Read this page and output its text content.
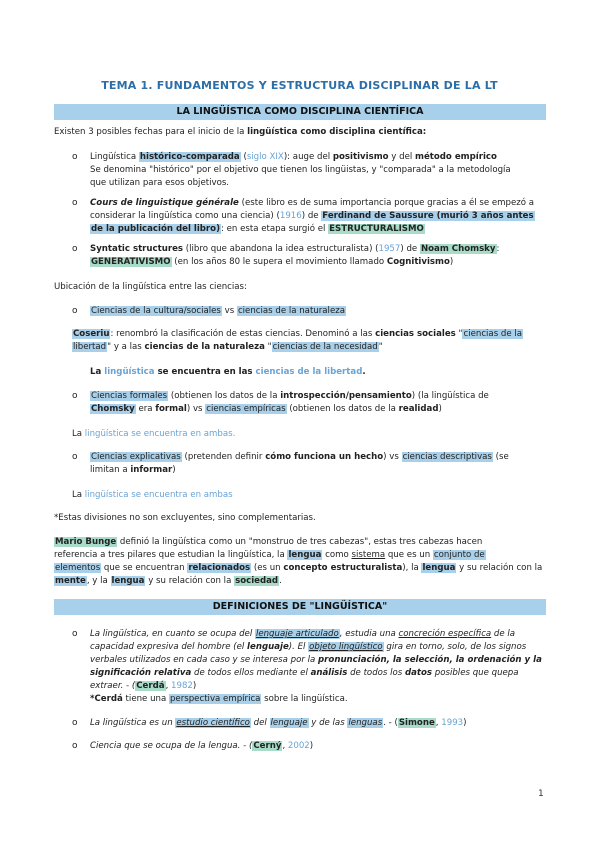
TEMA 1. FUNDAMENTOS Y ESTRUCTURA DISCIPLINAR DE LA LT
LA LINGÜÍSTICA COMO DISCIPLINA CIENTÍFICA
Existen 3 posibles fechas para el inicio de la lingüística como disciplina científica:
o Lingüística histórico-comparada (siglo XIX): auge del positivismo y del método empírico
Se denomina "histórico" por el objetivo que tienen los lingüistas, y "comparada" a la metodología
que utilizan para esos objetivos.
o Cours de linguistique générale (este libro es de suma importancia porque gracias a él se empezó a
considerar la lingüística como una ciencia) (1916) de Ferdinand de Saussure (murió 3 años antes
de la publicación del libro): en esta etapa surgió el ESTRUCTURALISMO
o Syntatic structures (libro que abandona la idea estructuralista) (1957) de Noam Chomsky:
GENERATIVISMO (en los años 80 le supera el movimiento llamado Cognitivismo)
Ubicación de la lingüística entre las ciencias:
o Ciencias de la cultura/sociales vs ciencias de la naturaleza
Coseriu: renombró la clasificación de estas ciencias. Denominó a las ciencias sociales "ciencias de la
libertad" y a las ciencias de la naturaleza "ciencias de la necesidad"
La lingüística se encuentra en las ciencias de la libertad.
o Ciencias formales (obtienen los datos de la introspección/pensamiento) (la lingüística de
Chomsky era formal) vs ciencias empíricas (obtienen los datos de la realidad)
La lingüística se encuentra en ambas.
o Ciencias explicativas (pretenden definir cómo funciona un hecho) vs ciencias descriptivas (se
limitan a informar)
La lingüística se encuentra en ambas
*Estas divisiones no son excluyentes, sino complementarias.
Mario Bunge definió la lingüística como un "monstruo de tres cabezas", estas tres cabezas hacen
referencia a tres pilares que estudian la lingüística, la lengua como sistema que es un conjunto de
elementos que se encuentran relacionados (es un concepto estructuralista), la lengua y su relación con la
mente, y la lengua y su relación con la sociedad.
DEFINICIONES DE "LINGÜÍSTICA"
o La lingüística, en cuanto se ocupa del lenguaje articulado, estudia una concreción específica de la
capacidad expresiva del hombre (el lenguaje). El objeto lingüístico gira en torno, solo, de los signos
verbales utilizados en cada caso y se interesa por la pronunciación, la selección, la ordenación y la
significación relativa de todos ellos mediante el análisis de todos los datos posibles que quepa
extraer. - (Cerdá, 1982)
*Cerdá tiene una perspectiva empírica sobre la lingüística.
o La lingüística es un estudio científico del lenguaje y de las lenguas. - (Simone, 1993)
o Ciencia que se ocupa de la lengua. - (Cerný, 2002)
1
